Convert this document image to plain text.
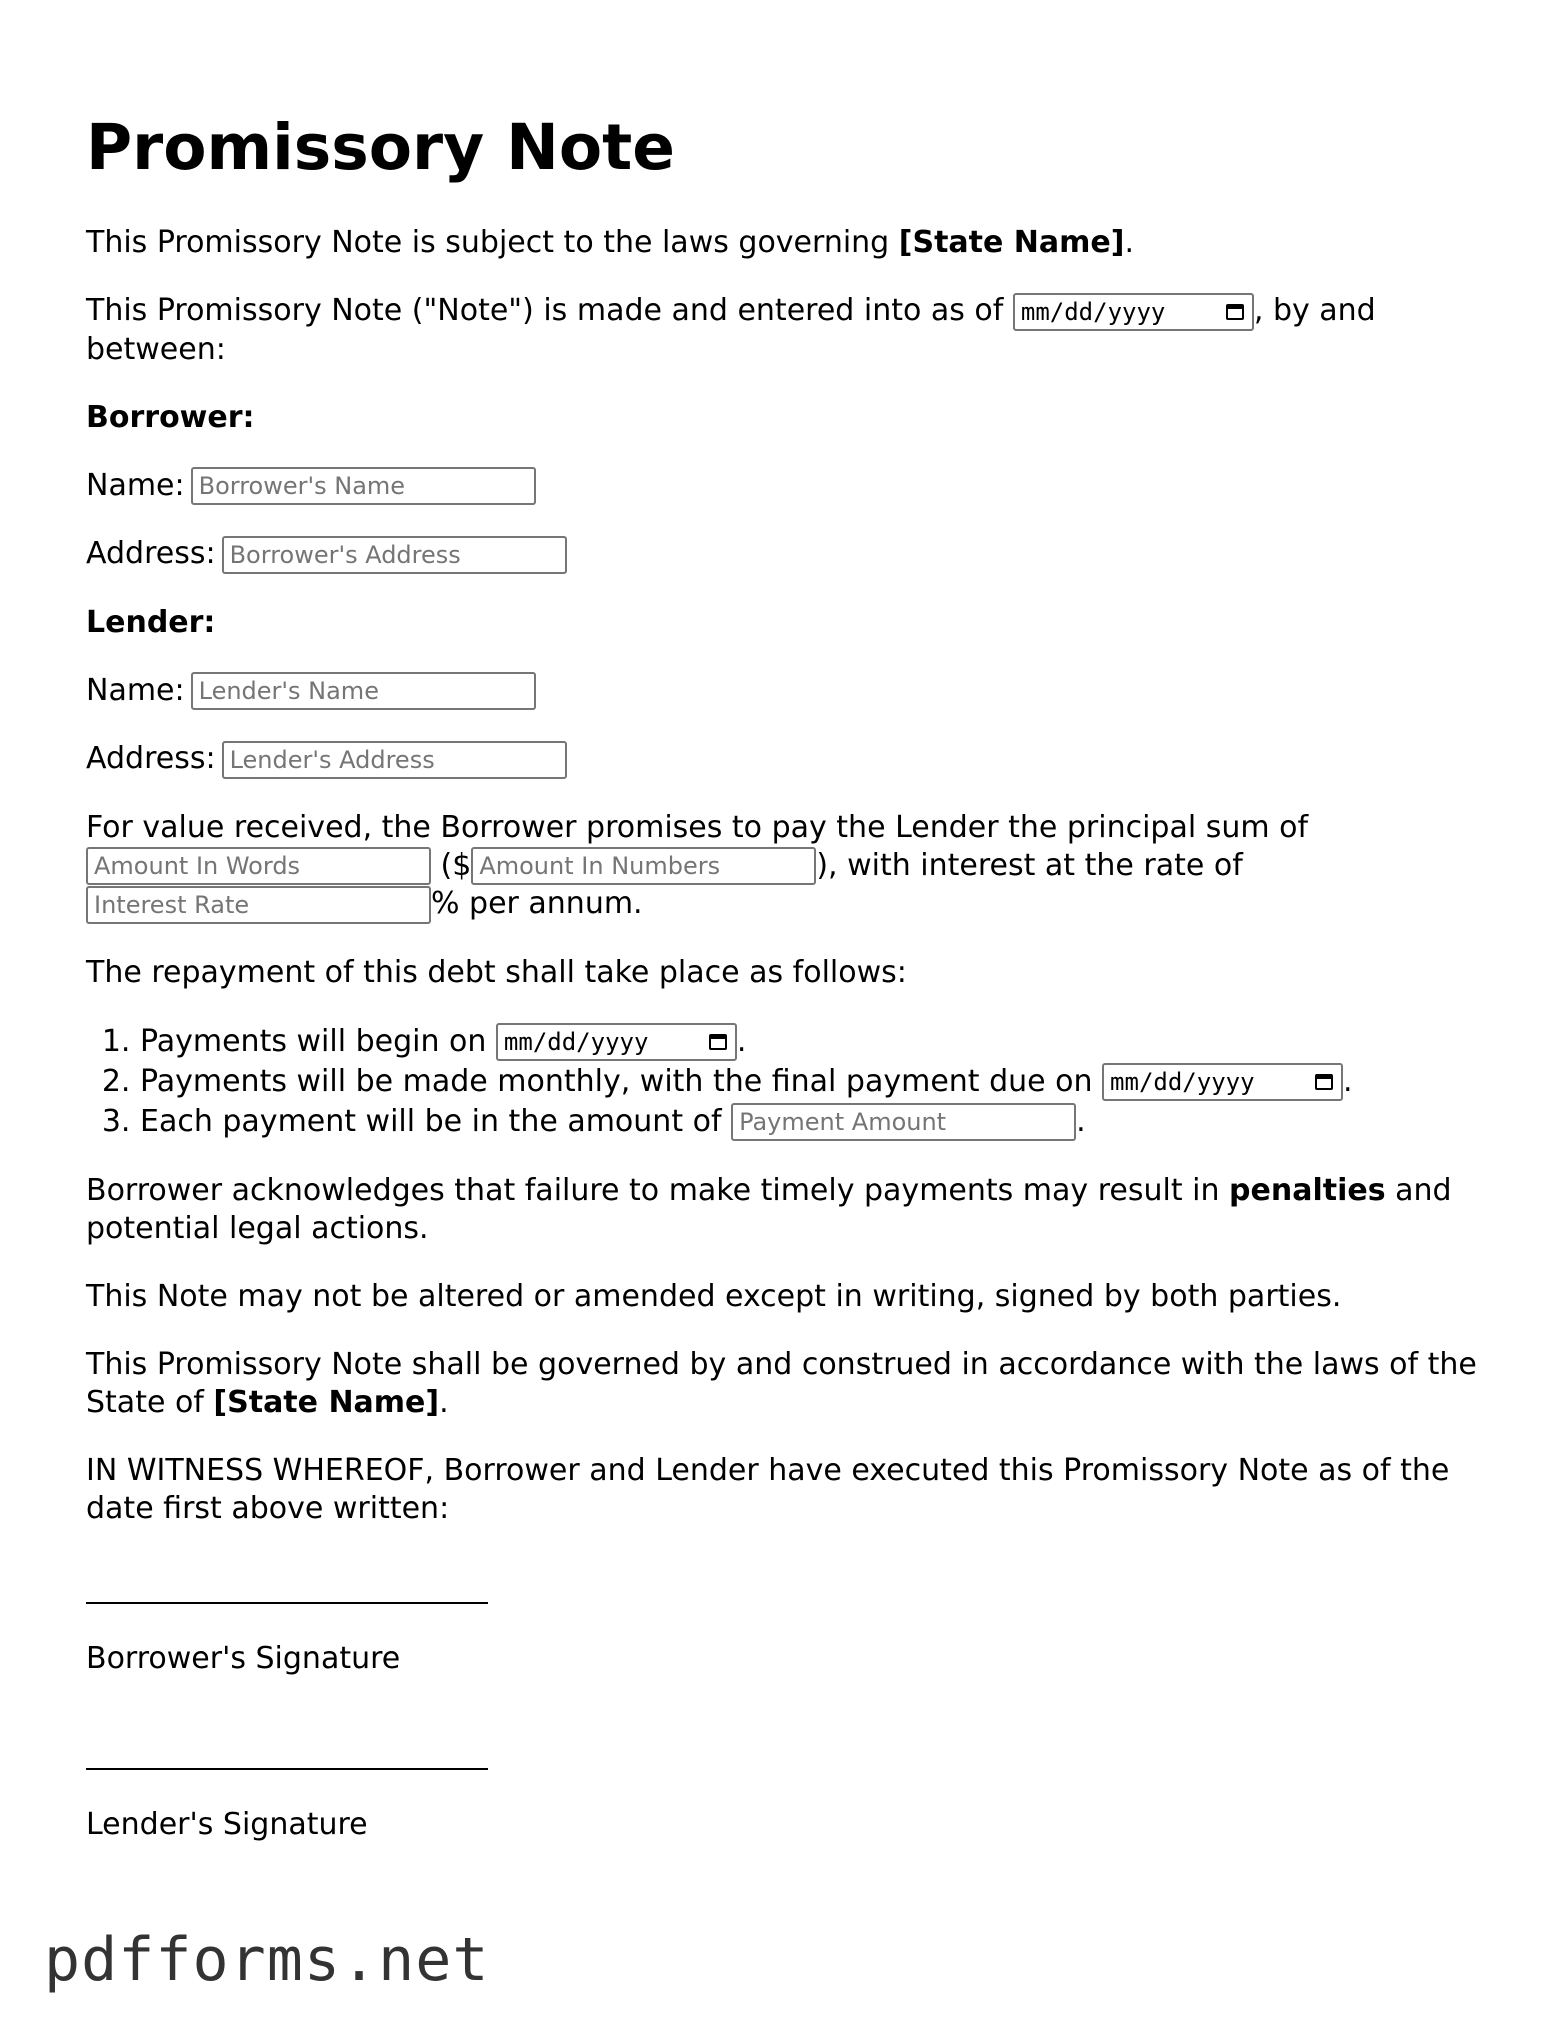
Promissory Note

This Promissory Note is subject to the laws governing [State Name].

This Promissory Note ("Note") is made and entered into as of mm/dd/yyyy	, by and between:

Borrower:

Name: Borrower's Name

Address: Borrower's Address

Lender:

Name: Lender's Name

Address: Lender's Address

For value received, the Borrower promises to pay the Lender the principal sum of
Amount In Words	($ Amount In Numbers	), with interest at the rate of
Interest Rate	% per annum.

The repayment of this debt shall take place as follows:

1. Payments will begin on mm/dd/yyyy	.
2. Payments will be made monthly, with the final payment due on mm/dd/yyyy	.
3. Each payment will be in the amount of Payment Amount	.

Borrower acknowledges that failure to make timely payments may result in penalties and potential legal actions.

This Note may not be altered or amended except in writing, signed by both parties.

This Promissory Note shall be governed by and construed in accordance with the laws of the State of [State Name].

IN WITNESS WHEREOF, Borrower and Lender have executed this Promissory Note as of the date first above written:

Borrower's Signature

Lender's Signature

pdfforms.net
